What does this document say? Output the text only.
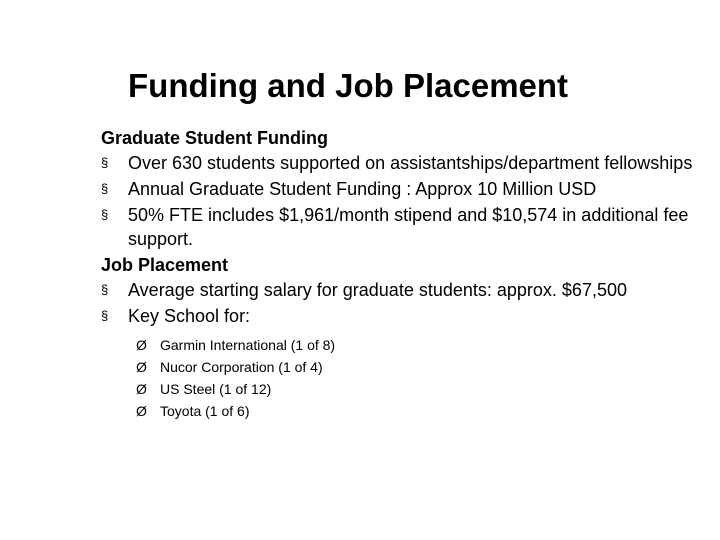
Funding and Job Placement
Graduate Student Funding
§ Over 630 students supported on assistantships/department fellowships
§ Annual Graduate Student Funding : Approx 10 Million USD
§ 50% FTE includes $1,961/month stipend and $10,574 in additional fee support.
Job Placement
§ Average starting salary for graduate students: approx. $67,500
§ Key School for:
Ø Garmin International (1 of 8)
Ø Nucor Corporation (1 of 4)
Ø US Steel (1 of 12)
Ø Toyota (1 of 6)
